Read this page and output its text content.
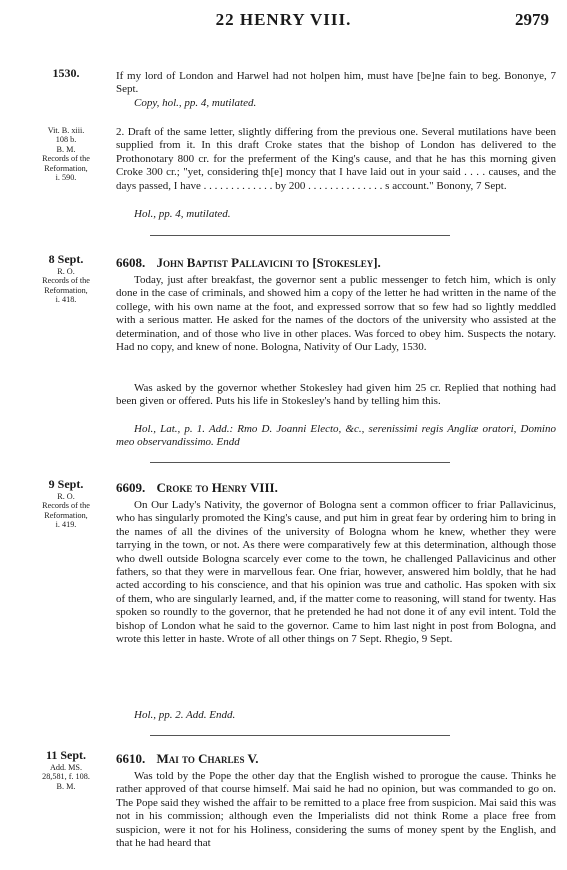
22 HENRY VIII.	2979
1530.	If my lord of London and Harwel had not holpen him, must have [be]ne fain to beg. Bononye, 7 Sept.
Copy, hol., pp. 4, mutilated.
Vit. B. xiii.
108 b.
B. M.
Records of the
Reformation,
i. 590.
2. Draft of the same letter, slightly differing from the previous one. Several mutilations have been supplied from it. In this draft Croke states that the bishop of London has delivered to the Prothonotary 800 cr. for the preferment of the King's cause, and that he has this morning given Croke 300 cr.; "yet, considering th[e] moncy that I have laid out in your said . . . . causes, and the days passed, I have . . . . . . . . . . . . . by 200 . . . . . . . . . . . . . . s account." Bonony, 7 Sept.
Hol., pp. 4, mutilated.
8 Sept.
R. O.
Records of the
Reformation,
i. 418.
6608. John Baptist Pallavicini to [Stokesley].
Today, just after breakfast, the governor sent a public messenger to fetch him, which is only done in the case of criminals, and showed him a copy of the letter he had written in the name of the college, with his own name at the foot, and expressed sorrow that so few had so lightly meddled with a serious matter. He asked for the names of the doctors of the university who assisted at the determination, and of those who live in other places. Was forced to obey him. Suspects the notary. Had no copy, and knew of none. Bologna, Nativity of Our Lady, 1530.
Was asked by the governor whether Stokesley had given him 25 cr. Replied that nothing had been given or offered. Puts his life in Stokesley's hand by telling him this.
Hol., Lat., p. 1. Add.: Rmo D. Joanni Electo, &c., serenissimi regis Angliæ oratori, Domino meo observandissimo. Endd
9 Sept.
R. O.
Records of the
Reformation,
i. 419.
6609. Croke to Henry VIII.
On Our Lady's Nativity, the governor of Bologna sent a common officer to friar Pallavicinus, who has singularly promoted the King's cause, and put him in great fear by ordering him to bring in the names of all the divines of the university of Bologna whom he knew, whether they were tarrying in the town, or not. As there were comparatively few at this determination, although those who dwell outside Bologna scarcely ever come to the town, he challenged Pallavicinus and other fathers, so that they were in marvellous fear. One friar, however, answered him boldly, that he had acted according to his conscience, and that his opinion was true and catholic. Has spoken with six of them, who are singularly learned, and, if the matter come to reasoning, will stand for twenty. Has spoken so roundly to the governor, that he pretended he had not done it of any evil intent. Told the bishop of London what he said to the governor. Came to him last night in post from Bologna, and wrote this letter in haste. Wrote of all other things on 7 Sept. Rhegio, 9 Sept.
Hol., pp. 2. Add. Endd.
11 Sept.
Add. MS.
28,581, f. 108.
B. M.
6610. Mai to Charles V.
Was told by the Pope the other day that the English wished to prorogue the cause. Thinks he rather approved of that course himself. Mai said he had no opinion, but was commanded to go on. The Pope said they wished the affair to be remitted to a place free from suspicion. Mai said this was not in his commission; although even the Imperialists did not think Rome a place free from suspicion, were it not for his Holiness, considering the sums of money spent by the English, and that he had heard that
